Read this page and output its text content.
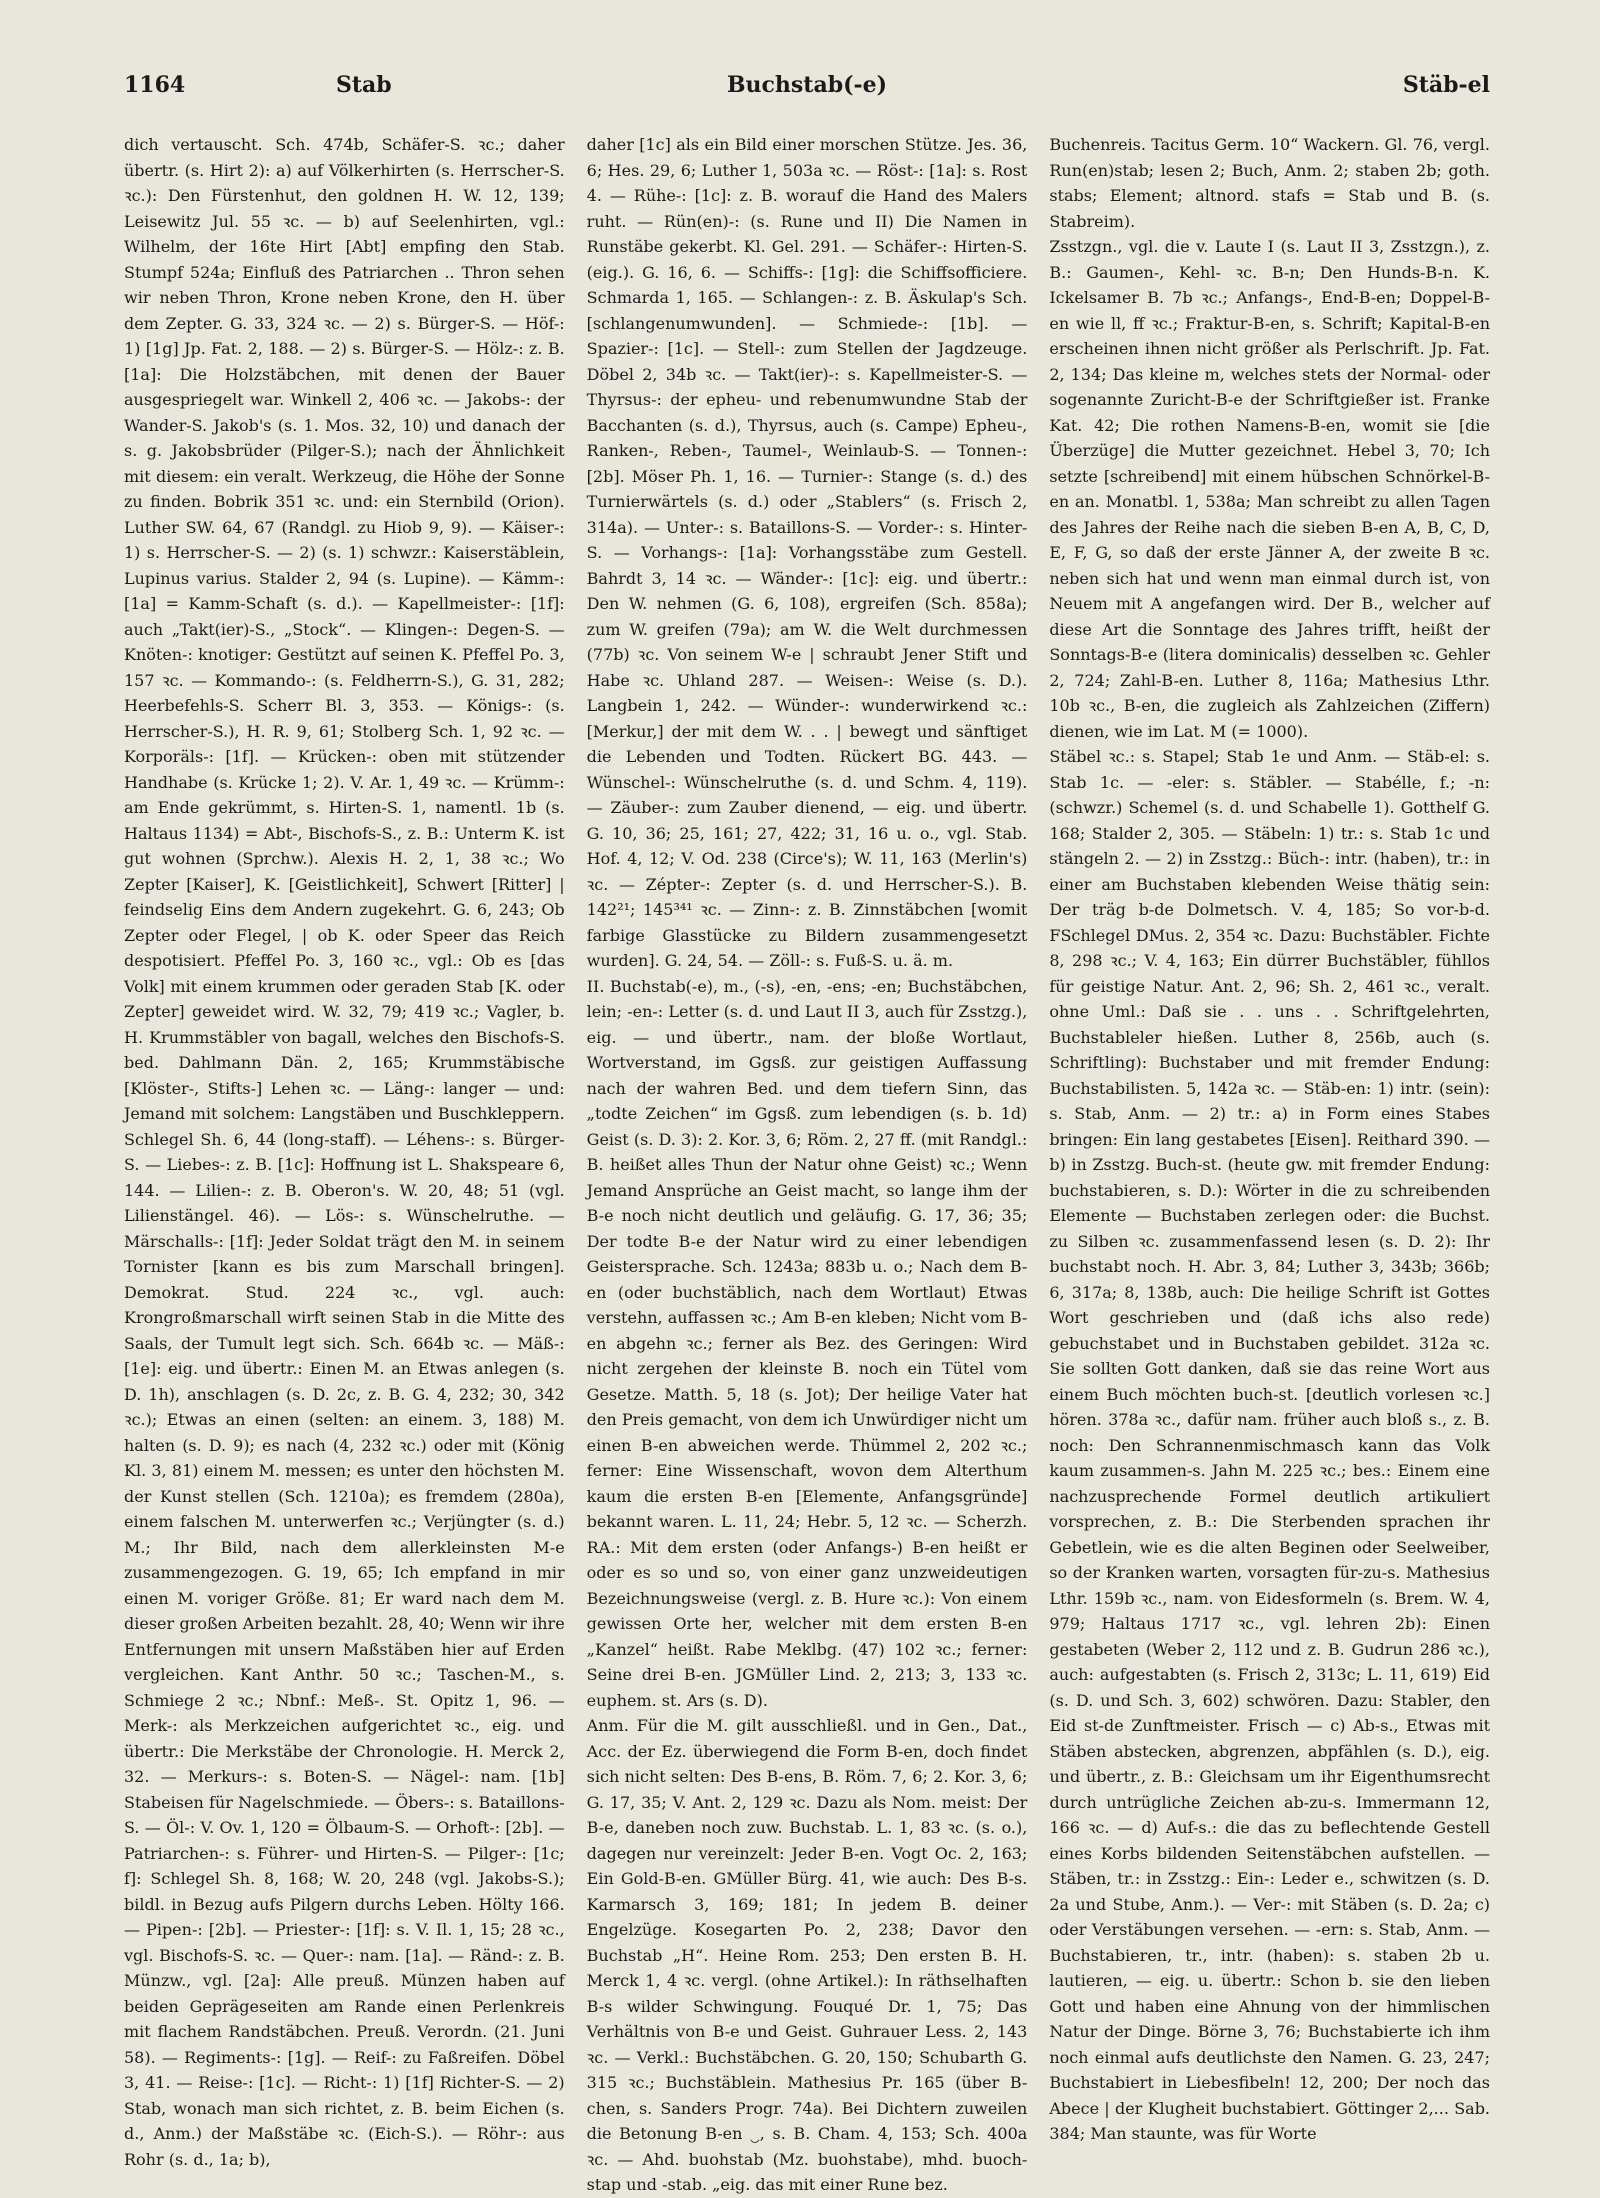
1164	Stab	Buchstab(-e)	Stäb-el

dich vertauscht. Sch. 474b, Schäfer-S. ꝛc.; daher übertr. (s. Hirt 2): a) auf Völkerhirten (s. Herrscher-S. ꝛc.): Den Fürstenhut, den goldnen H. W. 12, 139; Leisewitz Jul. 55 ꝛc. — b) auf Seelenhirten, vgl.: Wilhelm, der 16te Hirt [Abt] empfing den Stab. Stumpf 524a; Einfluß des Patriarchen .. Thron sehen wir neben Thron, Krone neben Krone, den H. über dem Zepter. G. 33, 324 ꝛc. — 2) s. Bürger-S. — Höf-: 1) [1g] Jp. Fat. 2, 188. — 2) s. Bürger-S. — Hölz-: z. B. [1a]: Die Holzstäbchen, mit denen der Bauer ausgespriegelt war. Winkell 2, 406 ꝛc. — Jakobs-: der Wander-S. Jakob's (s. 1. Mos. 32, 10) und danach der s. g. Jakobsbrüder (Pilger-S.); nach der Ähnlichkeit mit diesem: ein veralt. Werkzeug, die Höhe der Sonne zu finden. Bobrik 351 ꝛc. und: ein Sternbild (Orion). Luther SW. 64, 67 (Randgl. zu Hiob 9, 9). — Käiser-: 1) s. Herrscher-S. — 2) (s. 1) schwzr.: Kaiserstäblein, Lupinus varius. Stalder 2, 94 (s. Lupine). — Kämm-: [1a] = Kamm-Schaft (s. d.). — Kapellmeister-: [1f]: auch „Takt(ier)-S., „Stock“. — Klingen-: Degen-S. — Knöten-: knotiger: Gestützt auf seinen K. Pfeffel Po. 3, 157 ꝛc. — Kommando-: (s. Feldherrn-S.), G. 31, 282; Heerbefehls-S. Scherr Bl. 3, 353. — Königs-: (s. Herrscher-S.), H. R. 9, 61; Stolberg Sch. 1, 92 ꝛc. — Korporäls-: [1f]. — Krücken-: oben mit stützender Handhabe (s. Krücke 1; 2). V. Ar. 1, 49 ꝛc. — Krümm-: am Ende gekrümmt, s. Hirten-S. 1, namentl. 1b (s. Haltaus 1134) = Abt-, Bischofs-S., z. B.: Unterm K. ist gut wohnen (Sprchw.). Alexis H. 2, 1, 38 ꝛc.; Wo Zepter [Kaiser], K. [Geistlichkeit], Schwert [Ritter] | feindselig Eins dem Andern zugekehrt. G. 6, 243; Ob Zepter oder Flegel, | ob K. oder Speer das Reich despotisiert. Pfeffel Po. 3, 160 ꝛc., vgl.: Ob es [das Volk] mit einem krummen oder geraden Stab [K. oder Zepter] geweidet wird. W. 32, 79; 419 ꝛc.; Vagler, b. H. Krummstäbler von bagall, welches den Bischofs-S. bed. Dahlmann Dän. 2, 165; Krummstäbische [Klöster-, Stifts-] Lehen ꝛc. — Läng-: langer — und: Jemand mit solchem: Langstäben und Buschkleppern. Schlegel Sh. 6, 44 (long-staff). — Léhens-: s. Bürger-S. — Liebes-: z. B. [1c]: Hoffnung ist L. Shakspeare 6, 144. — Lilien-: z. B. Oberon's. W. 20, 48; 51 (vgl. Lilienstängel. 46). — Lös-: s. Wünschelruthe. — Märschalls-: [1f]: Jeder Soldat trägt den M. in seinem Tornister [kann es bis zum Marschall bringen]. Demokrat. Stud. 224 ꝛc., vgl. auch: Krongroßmarschall wirft seinen Stab in die Mitte des Saals, der Tumult legt sich. Sch. 664b ꝛc. — Mäß-: [1e]: eig. und übertr.: Einen M. an Etwas anlegen (s. D. 1h), anschlagen (s. D. 2c, z. B. G. 4, 232; 30, 342 ꝛc.); Etwas an einen (selten: an einem. 3, 188) M. halten (s. D. 9); es nach (4, 232 ꝛc.) oder mit (König Kl. 3, 81) einem M. messen; es unter den höchsten M. der Kunst stellen (Sch. 1210a); es fremdem (280a), einem falschen M. unterwerfen ꝛc.; Verjüngter (s. d.) M.; Ihr Bild, nach dem allerkleinsten M-e zusammengezogen. G. 19, 65; Ich empfand in mir einen M. voriger Größe. 81; Er ward nach dem M. dieser großen Arbeiten bezahlt. 28, 40; Wenn wir ihre Entfernungen mit unsern Maßstäben hier auf Erden vergleichen. Kant Anthr. 50 ꝛc.; Taschen-M., s. Schmiege 2 ꝛc.; Nbnf.: Meß-. St. Opitz 1, 96. — Merk-: als Merkzeichen aufgerichtet ꝛc., eig. und übertr.: Die Merkstäbe der Chronologie. H. Merck 2, 32. — Merkurs-: s. Boten-S. — Nägel-: nam. [1b] Stabeisen für Nagelschmiede. — Öbers-: s. Bataillons-S. — Öl-: V. Ov. 1, 120 = Ölbaum-S. — Orhoft-: [2b]. — Patriarchen-: s. Führer- und Hirten-S. — Pilger-: [1c; f]: Schlegel Sh. 8, 168; W. 20, 248 (vgl. Jakobs-S.); bildl. in Bezug aufs Pilgern durchs Leben. Hölty 166. — Pipen-: [2b]. — Priester-: [1f]: s. V. Il. 1, 15; 28 ꝛc., vgl. Bischofs-S. ꝛc. — Quer-: nam. [1a]. — Ränd-: z. B. Münzw., vgl. [2a]: Alle preuß. Münzen haben auf beiden Geprägeseiten am Rande einen Perlenkreis mit flachem Randstäbchen. Preuß. Verordn. (21. Juni 58). — Regiments-: [1g]. — Reif-: zu Faßreifen. Döbel 3, 41. — Reise-: [1c]. — Richt-: 1) [1f] Richter-S. — 2) Stab, wonach man sich richtet, z. B. beim Eichen (s. d., Anm.) der Maßstäbe ꝛc. (Eich-S.). — Röhr-: aus Rohr (s. d., 1a; b),

daher [1c] als ein Bild einer morschen Stütze. Jes. 36, 6; Hes. 29, 6; Luther 1, 503a ꝛc. — Röst-: [1a]: s. Rost 4. — Rühe-: [1c]: z. B. worauf die Hand des Malers ruht. — Rün(en)-: (s. Rune und II) Die Namen in Runstäbe gekerbt. Kl. Gel. 291. — Schäfer-: Hirten-S. (eig.). G. 16, 6. — Schiffs-: [1g]: die Schiffsofficiere. Schmarda 1, 165. — Schlangen-: z. B. Äskulap's Sch. [schlangenumwunden]. — Schmiede-: [1b]. — Spazier-: [1c]. — Stell-: zum Stellen der Jagdzeuge. Döbel 2, 34b ꝛc. — Takt(ier)-: s. Kapellmeister-S. — Thyrsus-: der epheu- und rebenumwundne Stab der Bacchanten (s. d.), Thyrsus, auch (s. Campe) Epheu-, Ranken-, Reben-, Taumel-, Weinlaub-S. — Tonnen-: [2b]. Möser Ph. 1, 16. — Turnier-: Stange (s. d.) des Turnierwärtels (s. d.) oder „Stablers“ (s. Frisch 2, 314a). — Unter-: s. Bataillons-S. — Vorder-: s. Hinter-S. — Vorhangs-: [1a]: Vorhangsstäbe zum Gestell. Bahrdt 3, 14 ꝛc. — Wänder-: [1c]: eig. und übertr.: Den W. nehmen (G. 6, 108), ergreifen (Sch. 858a); zum W. greifen (79a); am W. die Welt durchmessen (77b) ꝛc. Von seinem W-e | schraubt Jener Stift und Habe ꝛc. Uhland 287. — Weisen-: Weise (s. D.). Langbein 1, 242. — Wünder-: wunderwirkend ꝛc.: [Merkur,] der mit dem W. . . | bewegt und sänftiget die Lebenden und Todten. Rückert BG. 443. — Wünschel-: Wünschelruthe (s. d. und Schm. 4, 119). — Zäuber-: zum Zauber dienend, — eig. und übertr. G. 10, 36; 25, 161; 27, 422; 31, 16 u. o., vgl. Stab. Hof. 4, 12; V. Od. 238 (Circe's); W. 11, 163 (Merlin's) ꝛc. — Zépter-: Zepter (s. d. und Herrscher-S.). B. 142²¹; 145³⁴¹ ꝛc. — Zinn-: z. B. Zinnstäbchen [womit farbige Glasstücke zu Bildern zusammengesetzt wurden]. G. 24, 54. — Zöll-: s. Fuß-S. u. ä. m.

II. Buchstab(-e), m., (-s), -en, -ens; -en; Buchstäbchen, lein; -en-: Letter (s. d. und Laut II 3, auch für Zsstzg.), eig. — und übertr., nam. der bloße Wortlaut, Wortverstand, im Ggsß. zur geistigen Auffassung nach der wahren Bed. und dem tiefern Sinn, das „todte Zeichen“ im Ggsß. zum lebendigen (s. b. 1d) Geist (s. D. 3): 2. Kor. 3, 6; Röm. 2, 27 ff. (mit Randgl.: B. heißet alles Thun der Natur ohne Geist) ꝛc.; Wenn Jemand Ansprüche an Geist macht, so lange ihm der B-e noch nicht deutlich und geläufig. G. 17, 36; 35; Der todte B-e der Natur wird zu einer lebendigen Geistersprache. Sch. 1243a; 883b u. o.; Nach dem B-en (oder buchstäblich, nach dem Wortlaut) Etwas verstehn, auffassen ꝛc.; Am B-en kleben; Nicht vom B-en abgehn ꝛc.; ferner als Bez. des Geringen: Wird nicht zergehen der kleinste B. noch ein Tütel vom Gesetze. Matth. 5, 18 (s. Jot); Der heilige Vater hat den Preis gemacht, von dem ich Unwürdiger nicht um einen B-en abweichen werde. Thümmel 2, 202 ꝛc.; ferner: Eine Wissenschaft, wovon dem Alterthum kaum die ersten B-en [Elemente, Anfangsgründe] bekannt waren. L. 11, 24; Hebr. 5, 12 ꝛc. — Scherzh. RA.: Mit dem ersten (oder Anfangs-) B-en heißt er oder es so und so, von einer ganz unzweideutigen Bezeichnungsweise (vergl. z. B. Hure ꝛc.): Von einem gewissen Orte her, welcher mit dem ersten B-en „Kanzel“ heißt. Rabe Meklbg. (47) 102 ꝛc.; ferner: Seine drei B-en. JGMüller Lind. 2, 213; 3, 133 ꝛc. euphem. st. Ars (s. D).

Anm. Für die M. gilt ausschließl. und in Gen., Dat., Acc. der Ez. überwiegend die Form B-en, doch findet sich nicht selten: Des B-ens, B. Röm. 7, 6; 2. Kor. 3, 6; G. 17, 35; V. Ant. 2, 129 ꝛc. Dazu als Nom. meist: Der B-e, daneben noch zuw. Buchstab. L. 1, 83 ꝛc. (s. o.), dagegen nur vereinzelt: Jeder B-en. Vogt Oc. 2, 163; Ein Gold-B-en. GMüller Bürg. 41, wie auch: Des B-s. Karmarsch 3, 169; 181; In jedem B. deiner Engelzüge. Kosegarten Po. 2, 238; Davor den Buchstab „H“. Heine Rom. 253; Den ersten B. H. Merck 1, 4 ꝛc. vergl. (ohne Artikel.): In räthselhaften B-s wilder Schwingung. Fouqué Dr. 1, 75; Das Verhältnis von B-e und Geist. Guhrauer Less. 2, 143 ꝛc. — Verkl.: Buchstäbchen. G. 20, 150; Schubarth G. 315 ꝛc.; Buchstäblein. Mathesius Pr. 165 (über B-chen, s. Sanders Progr. 74a). Bei Dichtern zuweilen die Betonung B-en ‿, s. B. Cham. 4, 153; Sch. 400a ꝛc. — Ahd. buohstab (Mz. buohstabe), mhd. buoch-stap und -stab. „eig. das mit einer Rune bez.

Buchenreis. Tacitus Germ. 10“ Wackern. Gl. 76, vergl. Run(en)stab; lesen 2; Buch, Anm. 2; staben 2b; goth. stabs; Element; altnord. stafs = Stab und B. (s. Stabreim).

Zsstzgn., vgl. die v. Laute I (s. Laut II 3, Zsstzgn.), z. B.: Gaumen-, Kehl- ꝛc. B-n; Den Hunds-B-n. K. Ickelsamer B. 7b ꝛc.; Anfangs-, End-B-en; Doppel-B-en wie ll, ff ꝛc.; Fraktur-B-en, s. Schrift; Kapital-B-en erscheinen ihnen nicht größer als Perlschrift. Jp. Fat. 2, 134; Das kleine m, welches stets der Normal- oder sogenannte Zuricht-B-e der Schriftgießer ist. Franke Kat. 42; Die rothen Namens-B-en, womit sie [die Überzüge] die Mutter gezeichnet. Hebel 3, 70; Ich setzte [schreibend] mit einem hübschen Schnörkel-B-en an. Monatbl. 1, 538a; Man schreibt zu allen Tagen des Jahres der Reihe nach die sieben B-en A, B, C, D, E, F, G, so daß der erste Jänner A, der zweite B ꝛc. neben sich hat und wenn man einmal durch ist, von Neuem mit A angefangen wird. Der B., welcher auf diese Art die Sonntage des Jahres trifft, heißt der Sonntags-B-e (litera dominicalis) desselben ꝛc. Gehler 2, 724; Zahl-B-en. Luther 8, 116a; Mathesius Lthr. 10b ꝛc., B-en, die zugleich als Zahlzeichen (Ziffern) dienen, wie im Lat. M (= 1000).

Stäbel ꝛc.: s. Stapel; Stab 1e und Anm. — Stäb-el: s. Stab 1c. — -eler: s. Stäbler. — Stabélle, f.; -n: (schwzr.) Schemel (s. d. und Schabelle 1). Gotthelf G. 168; Stalder 2, 305. — Stäbeln: 1) tr.: s. Stab 1c und stängeln 2. — 2) in Zsstzg.: Büch-: intr. (haben), tr.: in einer am Buchstaben klebenden Weise thätig sein: Der träg b-de Dolmetsch. V. 4, 185; So vor-b-d. FSchlegel DMus. 2, 354 ꝛc. Dazu: Buchstäbler. Fichte 8, 298 ꝛc.; V. 4, 163; Ein dürrer Buchstäbler, fühllos für geistige Natur. Ant. 2, 96; Sh. 2, 461 ꝛc., veralt. ohne Uml.: Daß sie . . uns . . Schriftgelehrten, Buchstableler hießen. Luther 8, 256b, auch (s. Schriftling): Buchstaber und mit fremder Endung: Buchstabilisten. 5, 142a ꝛc. — Stäb-en: 1) intr. (sein): s. Stab, Anm. — 2) tr.: a) in Form eines Stabes bringen: Ein lang gestabetes [Eisen]. Reithard 390. — b) in Zsstzg. Buch-st. (heute gw. mit fremder Endung: buchstabieren, s. D.): Wörter in die zu schreibenden Elemente — Buchstaben zerlegen oder: die Buchst. zu Silben ꝛc. zusammenfassend lesen (s. D. 2): Ihr buchstabt noch. H. Abr. 3, 84; Luther 3, 343b; 366b; 6, 317a; 8, 138b, auch: Die heilige Schrift ist Gottes Wort geschrieben und (daß ichs also rede) gebuchstabet und in Buchstaben gebildet. 312a ꝛc. Sie sollten Gott danken, daß sie das reine Wort aus einem Buch möchten buch-st. [deutlich vorlesen ꝛc.] hören. 378a ꝛc., dafür nam. früher auch bloß s., z. B. noch: Den Schrannenmischmasch kann das Volk kaum zusammen-s. Jahn M. 225 ꝛc.; bes.: Einem eine nachzusprechende Formel deutlich artikuliert vorsprechen, z. B.: Die Sterbenden sprachen ihr Gebetlein, wie es die alten Beginen oder Seelweiber, so der Kranken warten, vorsagten für-zu-s. Mathesius Lthr. 159b ꝛc., nam. von Eidesformeln (s. Brem. W. 4, 979; Haltaus 1717 ꝛc., vgl. lehren 2b): Einen gestabeten (Weber 2, 112 und z. B. Gudrun 286 ꝛc.), auch: aufgestabten (s. Frisch 2, 313c; L. 11, 619) Eid (s. D. und Sch. 3, 602) schwören. Dazu: Stabler, den Eid st-de Zunftmeister. Frisch — c) Ab-s., Etwas mit Stäben abstecken, abgrenzen, abpfählen (s. D.), eig. und übertr., z. B.: Gleichsam um ihr Eigenthumsrecht durch untrügliche Zeichen ab-zu-s. Immermann 12, 166 ꝛc. — d) Auf-s.: die das zu beflechtende Gestell eines Korbs bildenden Seitenstäbchen aufstellen. — Stäben, tr.: in Zsstzg.: Ein-: Leder e., schwitzen (s. D. 2a und Stube, Anm.). — Ver-: mit Stäben (s. D. 2a; c) oder Verstäbungen versehen. — -ern: s. Stab, Anm. — Buchstabieren, tr., intr. (haben): s. staben 2b u. lautieren, — eig. u. übertr.: Schon b. sie den lieben Gott und haben eine Ahnung von der himmlischen Natur der Dinge. Börne 3, 76; Buchstabierte ich ihm noch einmal aufs deutlichste den Namen. G. 23, 247; Buchstabiert in Liebesfibeln! 12, 200; Der noch das Abece | der Klugheit buchstabiert. Göttinger 2,... Sab. 384; Man staunte, was für Worte
